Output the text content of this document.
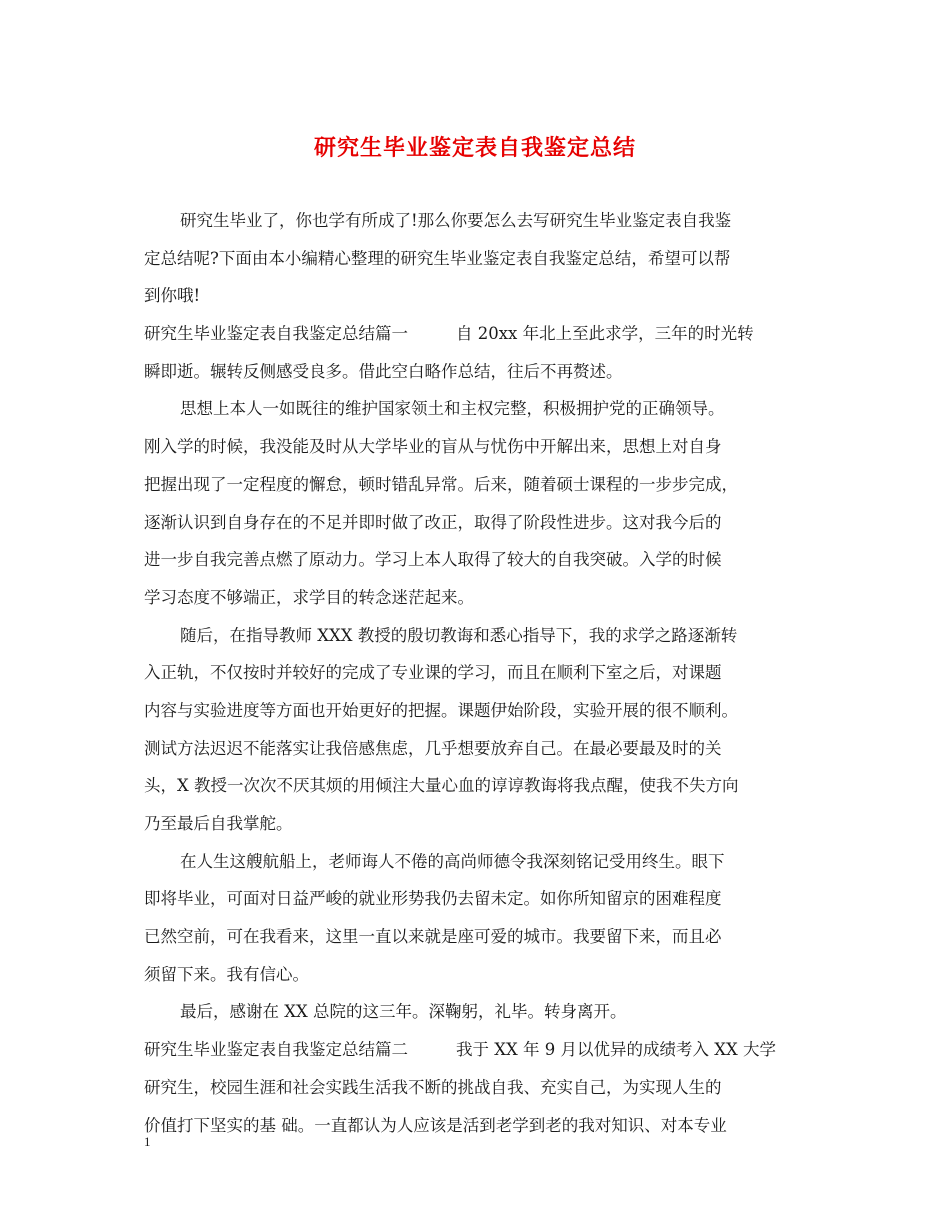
研究生毕业鉴定表自我鉴定总结
研究生毕业了，你也学有所成了!那么你要怎么去写研究生毕业鉴定表自我鉴
定总结呢?下面由本小编精心整理的研究生毕业鉴定表自我鉴定总结，希望可以帮
到你哦!
研究生毕业鉴定表自我鉴定总结篇一	自 20xx 年北上至此求学，三年的时光转
瞬即逝。辗转反侧感受良多。借此空白略作总结，往后不再赘述。
思想上本人一如既往的维护国家领土和主权完整，积极拥护党的正确领导。
刚入学的时候，我没能及时从大学毕业的盲从与忧伤中开解出来，思想上对自身
把握出现了一定程度的懈怠，顿时错乱异常。后来，随着硕士课程的一步步完成，
逐渐认识到自身存在的不足并即时做了改正，取得了阶段性进步。这对我今后的
进一步自我完善点燃了原动力。学习上本人取得了较大的自我突破。入学的时候
学习态度不够端正，求学目的转念迷茫起来。
随后，在指导教师 XXX 教授的殷切教诲和悉心指导下，我的求学之路逐渐转
入正轨，不仅按时并较好的完成了专业课的学习，而且在顺利下室之后，对课题
内容与实验进度等方面也开始更好的把握。课题伊始阶段，实验开展的很不顺利。
测试方法迟迟不能落实让我倍感焦虑，几乎想要放弃自己。在最必要最及时的关
头，X 教授一次次不厌其烦的用倾注大量心血的谆谆教诲将我点醒，使我不失方向
乃至最后自我掌舵。
在人生这艘航船上，老师诲人不倦的高尚师德令我深刻铭记受用终生。眼下
即将毕业，可面对日益严峻的就业形势我仍去留未定。如你所知留京的困难程度
已然空前，可在我看来，这里一直以来就是座可爱的城市。我要留下来，而且必
须留下来。我有信心。
最后，感谢在 XX 总院的这三年。深鞠躬，礼毕。转身离开。
研究生毕业鉴定表自我鉴定总结篇二	我于 XX 年 9 月以优异的成绩考入 XX 大学
研究生，校园生涯和社会实践生活我不断的挑战自我、充实自己，为实现人生的
价值打下坚实的基 础。一直都认为人应该是活到老学到老的我对知识、对本专业
1
